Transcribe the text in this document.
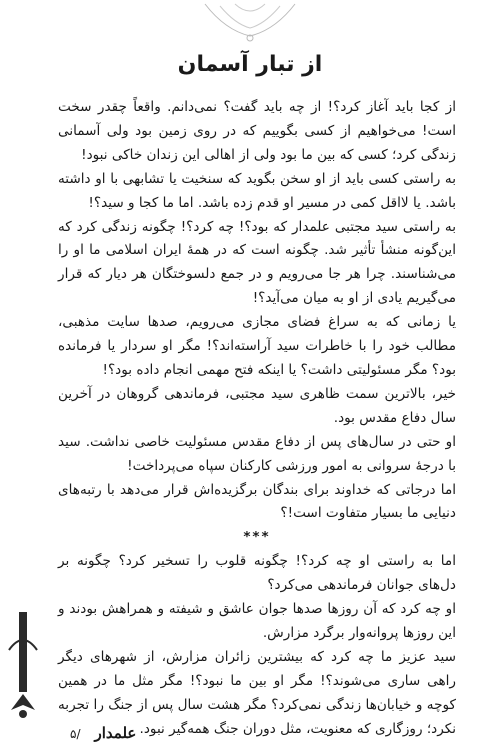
از تبار آسمان

از کجا باید آغاز کرد؟! از چه باید گفت؟ نمی‌دانم. واقعاً چقدر سخت است! می‌خواهیم از کسی بگوییم که در روی زمین بود ولی آسمانی زندگی کرد؛ کسی که بین ما بود ولی از اهالی این زندان خاکی نبود!

به راستی کسی باید از او سخن بگوید که سنخیت یا تشابهی با او داشته باشد. یا لااقل کمی در مسیر او قدم زده باشد. اما ما کجا و سید؟!

به راستی سید مجتبی علمدار که بود؟! چه کرد؟! چگونه زندگی کرد که این‌گونه منشأ تأثیر شد. چگونه است که در همهٔ ایران اسلامی ما او را می‌شناسند. چرا هر جا می‌رویم و در جمع دلسوختگان هر دیار که قرار می‌گیریم یادی از او به میان می‌آید؟!

یا زمانی که به سراغ فضای مجازی می‌رویم، صدها سایت مذهبی، مطالب خود را با خاطرات سید آراسته‌اند؟! مگر او سردار یا فرمانده بود؟ مگر مسئولیتی داشت؟ یا اینکه فتح مهمی انجام داده بود؟!

خیر، بالاترین سمت ظاهری سید مجتبی، فرماندهی گروهان در آخرین سال دفاع مقدس بود.

او حتی در سال‌های پس از دفاع مقدس مسئولیت خاصی نداشت. سید با درجهٔ سروانی به امور ورزشی کارکنان سپاه می‌پرداخت!

اما درجاتی که خداوند برای بندگان برگزیده‌اش قرار می‌دهد با رتبه‌های دنیایی ما بسیار متفاوت است!؟

***

اما به راستی او چه کرد؟! چگونه قلوب را تسخیر کرد؟ چگونه بر دل‌های جوانان فرماندهی می‌کرد؟

او چه کرد که آن روزها صدها جوان عاشق و شیفته و همراهش بودند و این روزها پروانه‌وار برگرد مزارش.

سید عزیز ما چه کرد که بیشترین زائران مزارش، از شهرهای دیگر راهی ساری می‌شوند؟! مگر او بین ما نبود؟! مگر مثل ما در همین کوچه و خیابان‌ها زندگی نمی‌کرد؟ مگر هشت سال پس از جنگ را تجربه نکرد؛ روزگاری که معنویت، مثل دوران جنگ همه‌گیر نبود.

۵/ علمدار
